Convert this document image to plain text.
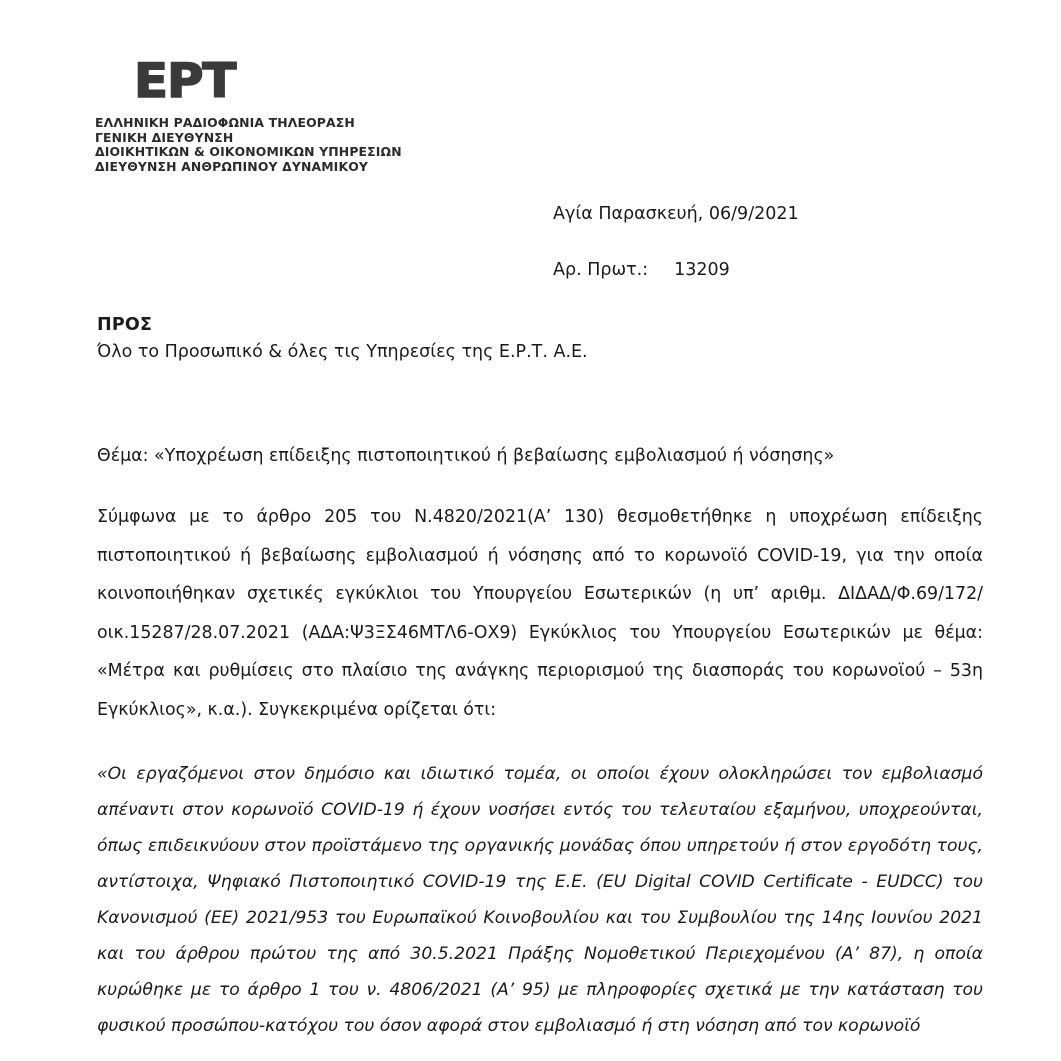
ΕΡΤ
ΕΛΛΗΝΙΚΗ ΡΑΔΙΟΦΩΝΙΑ ΤΗΛΕΟΡΑΣΗ
ΓΕΝΙΚΗ ΔΙΕΥΘΥΝΣΗ
ΔΙΟΙΚΗΤΙΚΩΝ & ΟΙΚΟΝΟΜΙΚΩΝ ΥΠΗΡΕΣΙΩΝ
ΔΙΕΥΘΥΝΣΗ ΑΝΘΡΩΠΙΝΟΥ ΔΥΝΑΜΙΚΟΥ
Αγία Παρασκευή, 06/9/2021
Αρ. Πρωτ.: 13209
ΠΡΟΣ
Όλο το Προσωπικό & όλες τις Υπηρεσίες της Ε.Ρ.Τ. Α.Ε.
Θέμα: «Υποχρέωση επίδειξης πιστοποιητικού ή βεβαίωσης εμβολιασμού ή νόσησης»

Σύμφωνα με το άρθρο 205 του Ν.4820/2021(Α’ 130) θεσμοθετήθηκε η υποχρέωση επίδειξης πιστοποιητικού ή βεβαίωσης εμβολιασμού ή νόσησης από το κορωνοϊό COVID-19, για την οποία κοινοποιήθηκαν σχετικές εγκύκλιοι του Υπουργείου Εσωτερικών (η υπ’ αριθμ. ΔΙΔΑΔ/Φ.69/172/οικ.15287/28.07.2021 (ΑΔΑ:Ψ3ΞΣ46ΜΤΛ6-ΟΧ9) Εγκύκλιος του Υπουργείου Εσωτερικών με θέμα: «Μέτρα και ρυθμίσεις στο πλαίσιο της ανάγκης περιορισμού της διασποράς του κορωνοϊού – 53η Εγκύκλιος», κ.α.). Συγκεκριμένα ορίζεται ότι:

«Οι εργαζόμενοι στον δημόσιο και ιδιωτικό τομέα, οι οποίοι έχουν ολοκληρώσει τον εμβολιασμό απέναντι στον κορωνοϊό COVID-19 ή έχουν νοσήσει εντός του τελευταίου εξαμήνου, υποχρεούνται, όπως επιδεικνύουν στον προϊστάμενο της οργανικής μονάδας όπου υπηρετούν ή στον εργοδότη τους, αντίστοιχα, Ψηφιακό Πιστοποιητικό COVID-19 της Ε.Ε. (EU Digital COVID Certificate - EUDCC) του Κανονισμού (ΕΕ) 2021/953 του Ευρωπαϊκού Κοινοβουλίου και του Συμβουλίου της 14ης Ιουνίου 2021 και του άρθρου πρώτου της από 30.5.2021 Πράξης Νομοθετικού Περιεχομένου (Α’ 87), η οποία κυρώθηκε με το άρθρο 1 του ν. 4806/2021 (Α’ 95) με πληροφορίες σχετικά με την κατάσταση του φυσικού προσώπου-κατόχου του όσον αφορά στον εμβολιασμό ή στη νόσηση από τον κορωνοϊό
